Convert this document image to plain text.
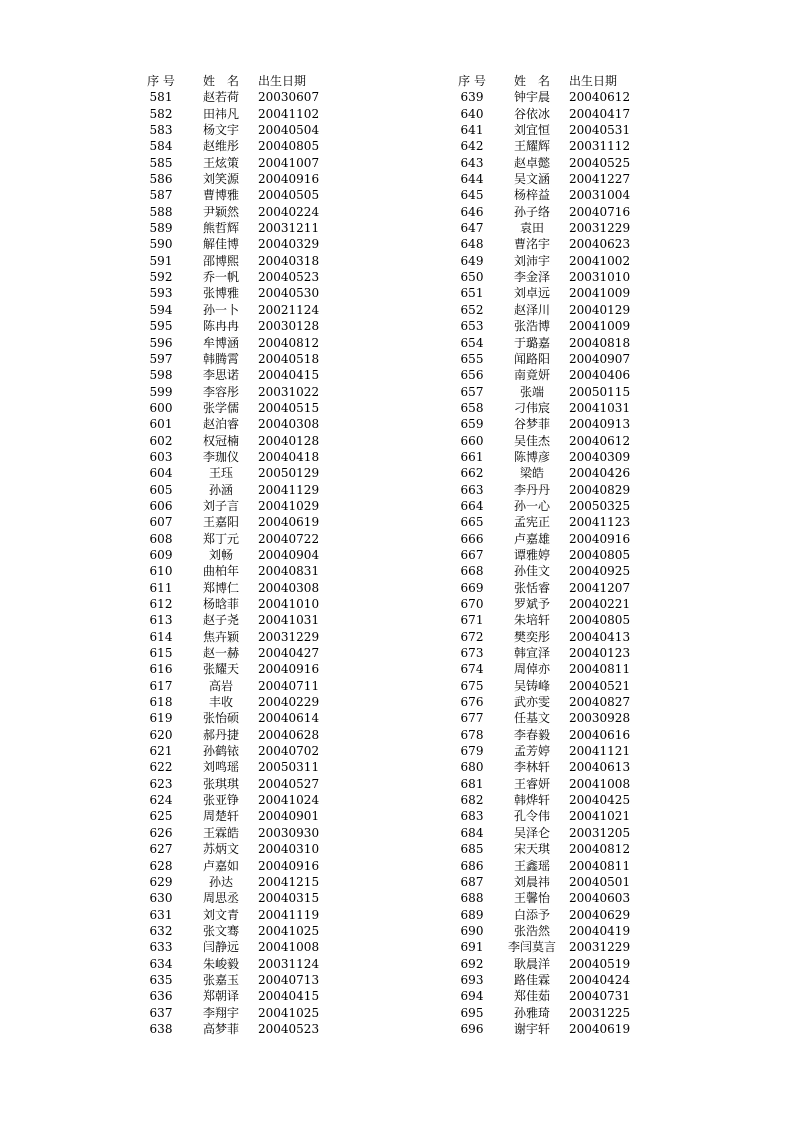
序 号	姓　名	出生日期
581	赵若荷	20030607
582	田祎凡	20041102
583	杨文宇	20040504
584	赵维彤	20040805
585	王炫策	20041007
586	刘笑源	20040916
587	曹博雅	20040505
588	尹颖然	20040224
589	熊哲辉	20031211
590	解佳博	20040329
591	邵博熙	20040318
592	乔一帆	20040523
593	张博雅	20040530
594	孙一卜	20021124
595	陈冉冉	20030128
596	牟博涵	20040812
597	韩腾霄	20040518
598	李思诺	20040415
599	李容彤	20031022
600	张学儒	20040515
601	赵泊睿	20040308
602	权冠楠	20040128
603	李珈仪	20040418
604	王珏	20050129
605	孙涵	20041129
606	刘子言	20041029
607	王嘉阳	20040619
608	郑丁元	20040722
609	刘畅	20040904
610	曲柏年	20040831
611	郑博仁	20040308
612	杨晗菲	20041010
613	赵子尧	20041031
614	焦卉颖	20031229
615	赵一赫	20040427
616	张耀天	20040916
617	高岩	20040711
618	丰收	20040229
619	张怡硕	20040614
620	郝丹捷	20040628
621	孙鹤铱	20040702
622	刘鸣瑶	20050311
623	张琪琪	20040527
624	张亚铮	20041024
625	周楚轩	20040901
626	王霖皓	20030930
627	苏炳文	20040310
628	卢嘉如	20040916
629	孙达	20041215
630	周思丞	20040315
631	刘文青	20041119
632	张文骞	20041025
633	闫静远	20041008
634	朱峻毅	20031124
635	张嘉玉	20040713
636	郑朝译	20040415
637	李翔宇	20041025
638	高梦菲	20040523
序 号	姓　名	出生日期
639	钟宇晨	20040612
640	谷依冰	20040417
641	刘宜恒	20040531
642	王耀辉	20031112
643	赵卓懿	20040525
644	吴文涵	20041227
645	杨梓益	20031004
646	孙子络	20040716
647	袁田	20031229
648	曹洺宇	20040623
649	刘沛宇	20041002
650	李金泽	20031010
651	刘卓远	20041009
652	赵泽川	20040129
653	张浩博	20041009
654	于璐嘉	20040818
655	闻路阳	20040907
656	南竟妍	20040406
657	张端	20050115
658	刁伟宸	20041031
659	谷梦菲	20040913
660	吴佳杰	20040612
661	陈博彦	20040309
662	梁皓	20040426
663	李丹丹	20040829
664	孙一心	20050325
665	孟宪正	20041123
666	卢嘉雄	20040916
667	谭雅婷	20040805
668	孙佳文	20040925
669	张恬睿	20041207
670	罗斌予	20040221
671	朱培轩	20040805
672	樊奕彤	20040413
673	韩宣泽	20040123
674	周倬亦	20040811
675	吴铸峰	20040521
676	武亦雯	20040827
677	任基文	20030928
678	李春毅	20040616
679	孟芳婷	20041121
680	李林轩	20040613
681	王睿妍	20041008
682	韩烨轩	20040425
683	孔令伟	20041021
684	吴泽仑	20031205
685	宋天琪	20040812
686	王鑫瑶	20040811
687	刘晨祎	20040501
688	王馨怡	20040603
689	白添予	20040629
690	张浩然	20040419
691	李闫莫言 20031229
692	耿晨洋	20040519
693	路佳霖	20040424
694	郑佳茹	20040731
695	孙雅琦	20031225
696	谢宇轩	20040619
